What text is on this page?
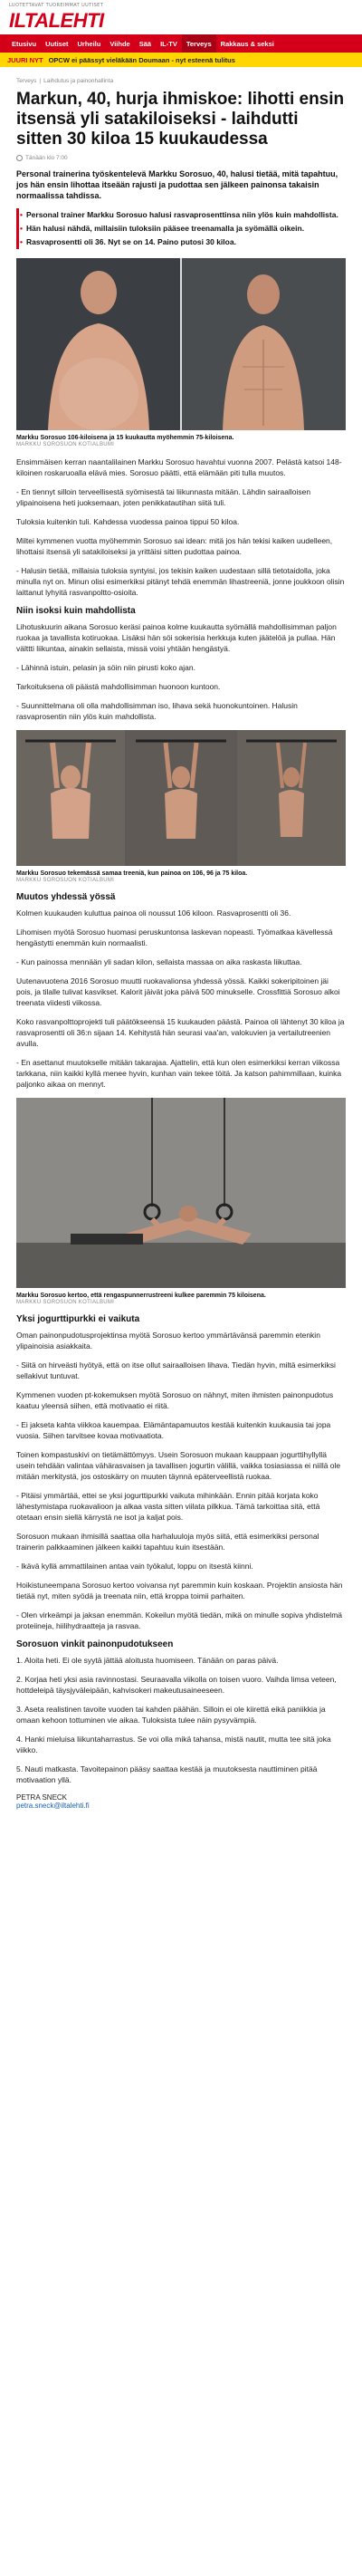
LUOTETTAVAT TUOREIMMAT UUTISET
ILTALEHTI
Etusivu	Uutiset	Urheilu	Viihde	Sää	IL-TV	Terveys	Rakkaus & seksi
JUURI NYT OPCW ei päässyt vieläkään Doumaan - nyt esteenä tulitus
Terveys | Laihdutus ja painonhallinta
Markun, 40, hurja ihmiskoe: lihotti ensin itsensä yli satakiloiseksi - laihdutti sitten 30 kiloa 15 kuukaudessa
Tänään klo 7:00
Personal trainerina työskentelevä Markku Sorosuo, 40, halusi tietää, mitä tapahtuu, jos hän ensin lihottaa itseään rajusti ja pudottaa sen jälkeen painonsa takaisin normaalissa tahdissa.
• Personal trainer Markku Sorosuo halusi rasvaprosenttinsa niin ylös kuin mahdollista.
• Hän halusi nähdä, millaisiin tuloksiin pääsee treenamalla ja syömällä oikein.
• Rasvaprosentti oli 36. Nyt se on 14. Paino putosi 30 kiloa.
Markku Sorosuo 106-kiloisena ja 15 kuukautta myöhemmin 75-kiloisena.
MARKKU SOROSUON KOTIALBUMI

Ensimmäisen kerran naantalilainen Markku Sorosuo havahtui vuonna 2007. Pelästä katsoi 148-kiloinen roskaruoalla elävä mies. Sorosuo päätti, että elämään piti tulla muutos.

- En tiennyt silloin terveellisestä syömisestä tai liikunnasta mitään. Lähdin sairaalloisen ylipainoisena heti juoksemaan, joten penikkatautihan siitä tuli.

Tuloksia kuitenkin tuli. Kahdessa vuodessa painoa tippui 50 kiloa.

Miltei kymmenen vuotta myöhemmin Sorosuo sai idean: mitä jos hän tekisi kaiken uudelleen, lihottaisi itsensä yli satakiloiseksi ja yrittäisi sitten pudottaa painoa.

- Halusin tietää, millaisia tuloksia syntyisi, jos tekisin kaiken uudestaan sillä tietotaidolla, joka minulla nyt on. Minun olisi esimerkiksi pitänyt tehdä enemmän lihastreeniä, jonne joukkoon olisin laittanut lyhyitä rasvanpoltto-osioita.

Niin isoksi kuin mahdollista

Lihotuskuurin aikana Sorosuo keräsi painoa kolme kuukautta syömällä mahdollisimman paljon ruokaa ja tavallista kotiruokaa. Lisäksi hän söi sokerisia herkkuja kuten jäätelöä ja pullaa. Hän välttti liikuntaa, ainakin sellaista, missä voisi yhtään hengästyä.

- Lähinnä istuin, pelasin ja söin niin pirusti koko ajan.

Tarkoituksena oli päästä mahdollisimman huonoon kuntoon.

- Suunnittelmana oli olla mahdollisimman iso, lihava sekä huonokuntoinen. Halusin rasvaprosentin niin ylös kuin mahdollista.

Markku Sorosuo tekemässä samaa treeniä, kun painoa on 106, 96 ja 75 kiloa.
MARKKU SOROSUON KOTIALBUMI
Muutos yhdessä yössä

Kolmen kuukauden kuluttua painoa oli noussut 106 kiloon. Rasvaprosentti oli 36.

Lihomisen myötä Sorosuo huomasi peruskuntonsa laskevan nopeasti. Työmatkaa kävellessä hengästytti enemmän kuin normaalisti.

- Kun painossa mennään yli sadan kilon, sellaista massaa on aika raskasta liikuttaa.

Uutenavuotena 2016 Sorosuo muutti ruokavalionsa yhdessä yössä. Kaikki sokeripitoinen jäi pois, ja tilalle tulivat kasvikset. Kalorit jäivät joka päivä 500 minukselle. Crossfittiä Sorosuo alkoi treenata viidesti viikossa.

Koko rasvanpolttoprojekti tuli päätökseensä 15 kuukauden päästä. Painoa oli lähtenyt 30 kiloa ja rasvaprosentti oli 36:n sijaan 14. Kehitystä hän seurasi vaa'an, valokuvien ja vertailutreenien avulla.

- En asettanut muutokselle mitään takarajaa. Ajattelin, että kun olen esimerkiksi kerran viikossa tarkkana, niin kaikki kyllä menee hyvin, kunhan vain tekee töitä. Ja katson pahimmillaan, kuinka paljonko aikaa on mennyt.

Markku Sorosuo kertoo, että rengaspunnerrustreeni kulkee paremmin 75 kiloisena.
MARKKU SOROSUON KOTIALBUMI
Yksi jogurttipurkki ei vaikuta

Oman painonpudotusprojektinsa myötä Sorosuo kertoo ymmärtävänsä paremmin etenkin ylipainoisia asiakkaita.

- Siitä on hirveästi hyötyä, että on itse ollut sairaalloisen lihava. Tiedän hyvin, miltä esimerkiksi sellakivut tuntuvat.

Kymmenen vuoden pt-kokemuksen myötä Sorosuo on nähnyt, miten ihmisten painonpudotus kaatuu yleensä siihen, että motivaatio ei riitä.

- Ei jakseta kahta viikkoa kauempaa. Elämäntapamuutos kestää kuitenkin kuukausia tai jopa vuosia. Siihen tarvitsee kovaa motivaatiota.

Toinen kompastuskivi on tietämättömyys. Usein Sorosuon mukaan kauppaan jogurttihyllyllä usein tehdään valintaa vähärasvaisen ja tavallisen jogurtin välillä, vaikka tosiasiassa ei niillä ole mitään merkitystä, jos ostoskärry on muuten täynnä epäterveellistä ruokaa.

- Pitäisi ymmärtää, ettei se yksi jogurttipurkki vaikuta mihinkään. Ennin pitää korjata koko lähestymistapa ruokavalioon ja alkaa vasta sitten viilata pilkkua. Tämä tarkoittaa sitä, että otetaan ensin siellä kärrystä ne isot ja kaljat pois.

Sorosuon mukaan ihmisillä saattaa olla harhaluuloja myös siitä, että esimerkiksi personal trainerin palkkaaminen jälkeen kaikki tapahtuu kuin itsestään.

- Ikävä kyllä ammattilainen antaa vain työkalut, loppu on itsestä kiinni.

Hoikistuneempana Sorosuo kertoo voivansa nyt paremmin kuin koskaan. Projektin ansiosta hän tietää nyt, miten syödä ja treenata niin, että kroppa toimii parhaiten.

- Olen virkeämpi ja jaksan enemmän. Kokeilun myötä tiedän, mikä on minulle sopiva yhdistelmä proteiineja, hiilihydraatteja ja rasvaa.

Sorosuon vinkit painonpudotukseen

1. Aloita heti. Ei ole syytä jättää aloitusta huomiseen. Tänään on paras päivä.

2. Korjaa heti yksi asia ravinnostasi. Seuraavalla viikolla on toisen vuoro. Vaihda limsa veteen, hottdeleipä täysjyväleipään, kahvisokeri makeutusaineeseen.

3. Aseta realistinen tavoite vuoden tai kahden päähän. Silloin ei ole kiirettä eikä paniikkia ja omaan kehoon tottuminen vie aikaa. Tuloksista tulee näin pysyvämpiä.

4. Hanki mieluisa liikuntaharrastus. Se voi olla mikä tahansa, mistä nautit, mutta tee sitä joka viikko.

5. Nauti matkasta. Tavoitepainon pääsy saattaa kestää ja muutoksesta nauttiminen pitää motivaation yllä.

PETRA SNECK
petra.sneck@iltalehti.fi
